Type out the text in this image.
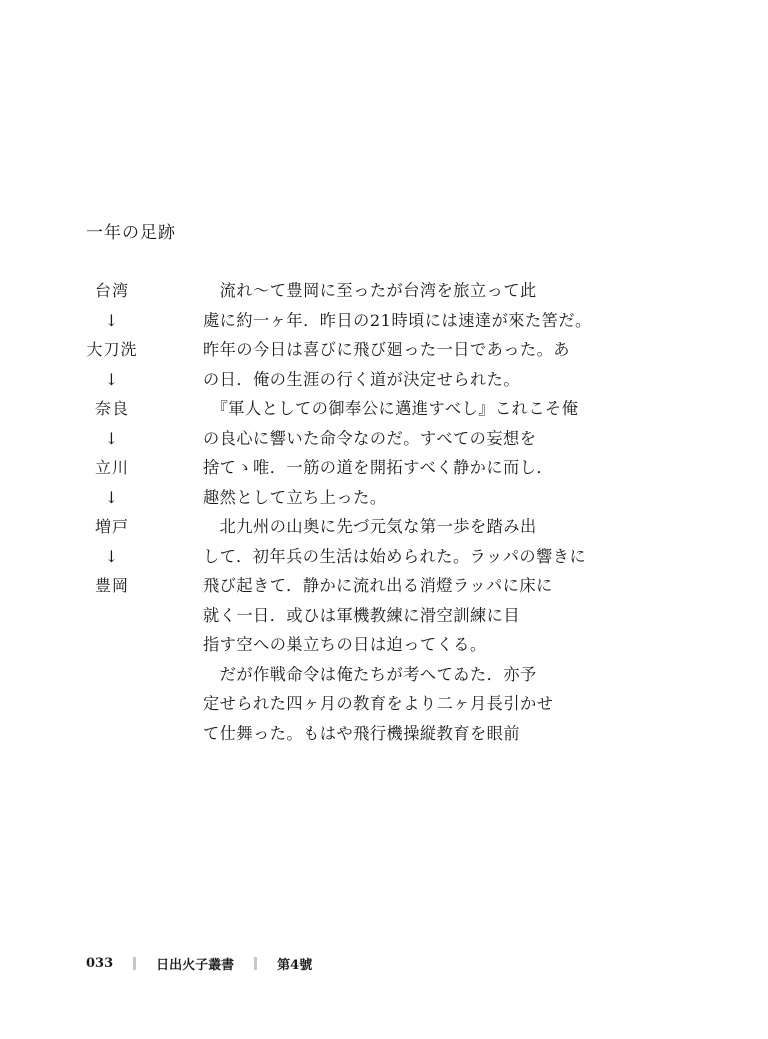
一年の足跡
台湾
↓
大刀洗
↓
奈良
↓
立川
↓
増戸
↓
豊岡
　流れ〜て豊岡に至ったが台湾を旅立って此
處に約一ヶ年．昨日の21時頃には速達が來た筈だ。
昨年の今日は喜びに飛び廻った一日であった。あ
の日．俺の生涯の行く道が決定せられた。
　『軍人としての御奉公に邁進すべし』これこそ俺
の良心に響いた命令なのだ。すべての妄想を
捨てゝ唯．一筋の道を開拓すべく静かに而し．
趣然として立ち上った。
　北九州の山奥に先づ元気な第一歩を踏み出
して．初年兵の生活は始められた。ラッパの響きに
飛び起きて．静かに流れ出る消燈ラッパに床に
就く一日．或ひは軍機教練に滑空訓練に目
指す空への巣立ちの日は迫ってくる。
　だが作戦命令は俺たちが考へてゐた．亦予
定せられた四ヶ月の教育をより二ヶ月長引かせ
て仕舞った。もはや飛行機操縦教育を眼前
033	日出火子叢書	第4號
